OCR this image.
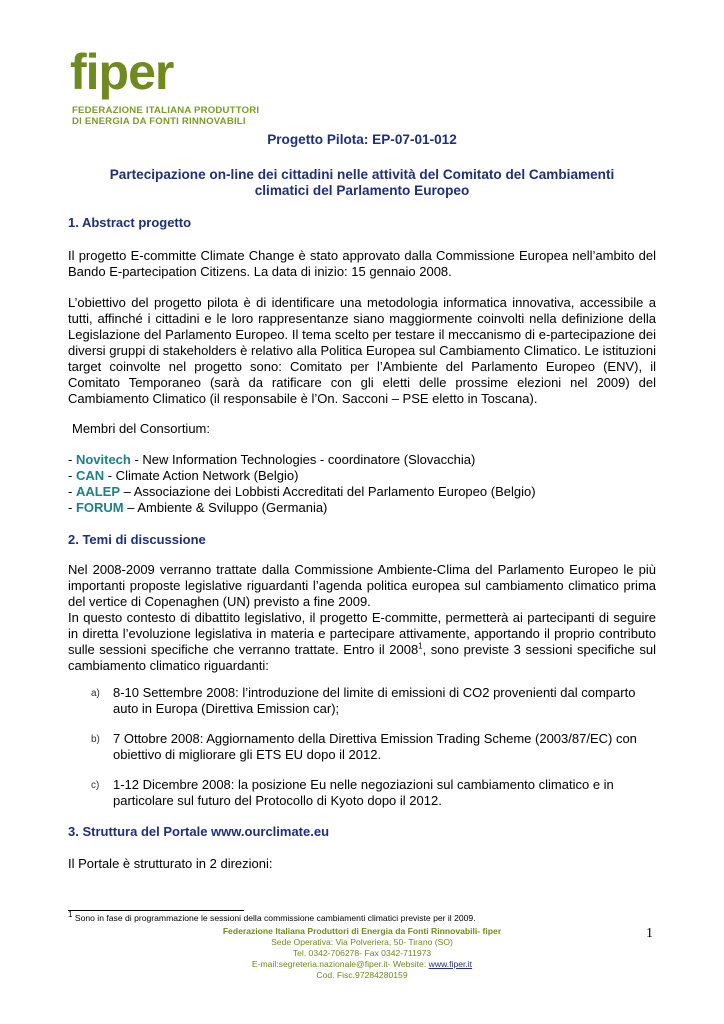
fiper
FEDERAZIONE ITALIANA PRODUTTORI
DI ENERGIA DA FONTI RINNOVABILI
Progetto Pilota: EP-07-01-012
Partecipazione on-line dei cittadini nelle attività del Comitato del Cambiamenti
climatici del Parlamento Europeo
1. Abstract progetto
Il progetto E-committe Climate Change è stato approvato dalla Commissione Europea nell’ambito del Bando E-partecipation Citizens. La data di inizio: 15 gennaio 2008.
L’obiettivo del progetto pilota è di identificare una metodologia informatica innovativa, accessibile a tutti, affinché i cittadini e le loro rappresentanze siano maggiormente coinvolti nella definizione della Legislazione del Parlamento Europeo. Il tema scelto per testare il meccanismo di e-partecipazione dei diversi gruppi di stakeholders è relativo alla Politica Europea sul Cambiamento Climatico. Le istituzioni target coinvolte nel progetto sono: Comitato per l’Ambiente del Parlamento Europeo (ENV), il Comitato Temporaneo (sarà da ratificare con gli eletti delle prossime elezioni nel 2009) del Cambiamento Climatico (il responsabile è l’On. Sacconi – PSE eletto in Toscana).
Membri del Consortium:
- Novitech - New Information Technologies - coordinatore (Slovacchia)
- CAN - Climate Action Network (Belgio)
- AALEP – Associazione dei Lobbisti Accreditati del Parlamento Europeo (Belgio)
- FORUM – Ambiente & Sviluppo (Germania)
2. Temi di discussione
Nel 2008-2009 verranno trattate dalla Commissione Ambiente-Clima del Parlamento Europeo le più importanti proposte legislative riguardanti l’agenda politica europea sul cambiamento climatico prima del vertice di Copenaghen (UN) previsto a fine 2009.
In questo contesto di dibattito legislativo, il progetto E-committe, permetterà ai partecipanti di seguire in diretta l’evoluzione legislativa in materia e partecipare attivamente, apportando il proprio contributo sulle sessioni specifiche che verranno trattate. Entro il 2008$^1$, sono previste 3 sessioni specifiche sul cambiamento climatico riguardanti:
a) 8-10 Settembre 2008: l’introduzione del limite di emissioni di CO2 provenienti dal comparto auto in Europa (Direttiva Emission car);
b) 7 Ottobre 2008: Aggiornamento della Direttiva Emission Trading Scheme (2003/87/EC) con obiettivo di migliorare gli ETS EU dopo il 2012.
c) 1-12 Dicembre 2008: la posizione Eu nelle negoziazioni sul cambiamento climatico e in particolare sul futuro del Protocollo di Kyoto dopo il 2012.
3. Struttura del Portale www.ourclimate.eu
Il Portale è strutturato in 2 direzioni:
$^1$ Sono in fase di programmazione le sessioni della commissione cambiamenti climatici previste per il 2009.
Federazione Italiana Produttori di Energia da Fonti Rinnovabili- fiper
Sede Operativa: Via Polveriera, 50- Tirano (SO)
Tel. 0342-706278- Fax 0342-711973
E-mail:segreteria.nazionale@fiper.it- Website: www.fiper.it
Cod. Fisc.97284280159
1
